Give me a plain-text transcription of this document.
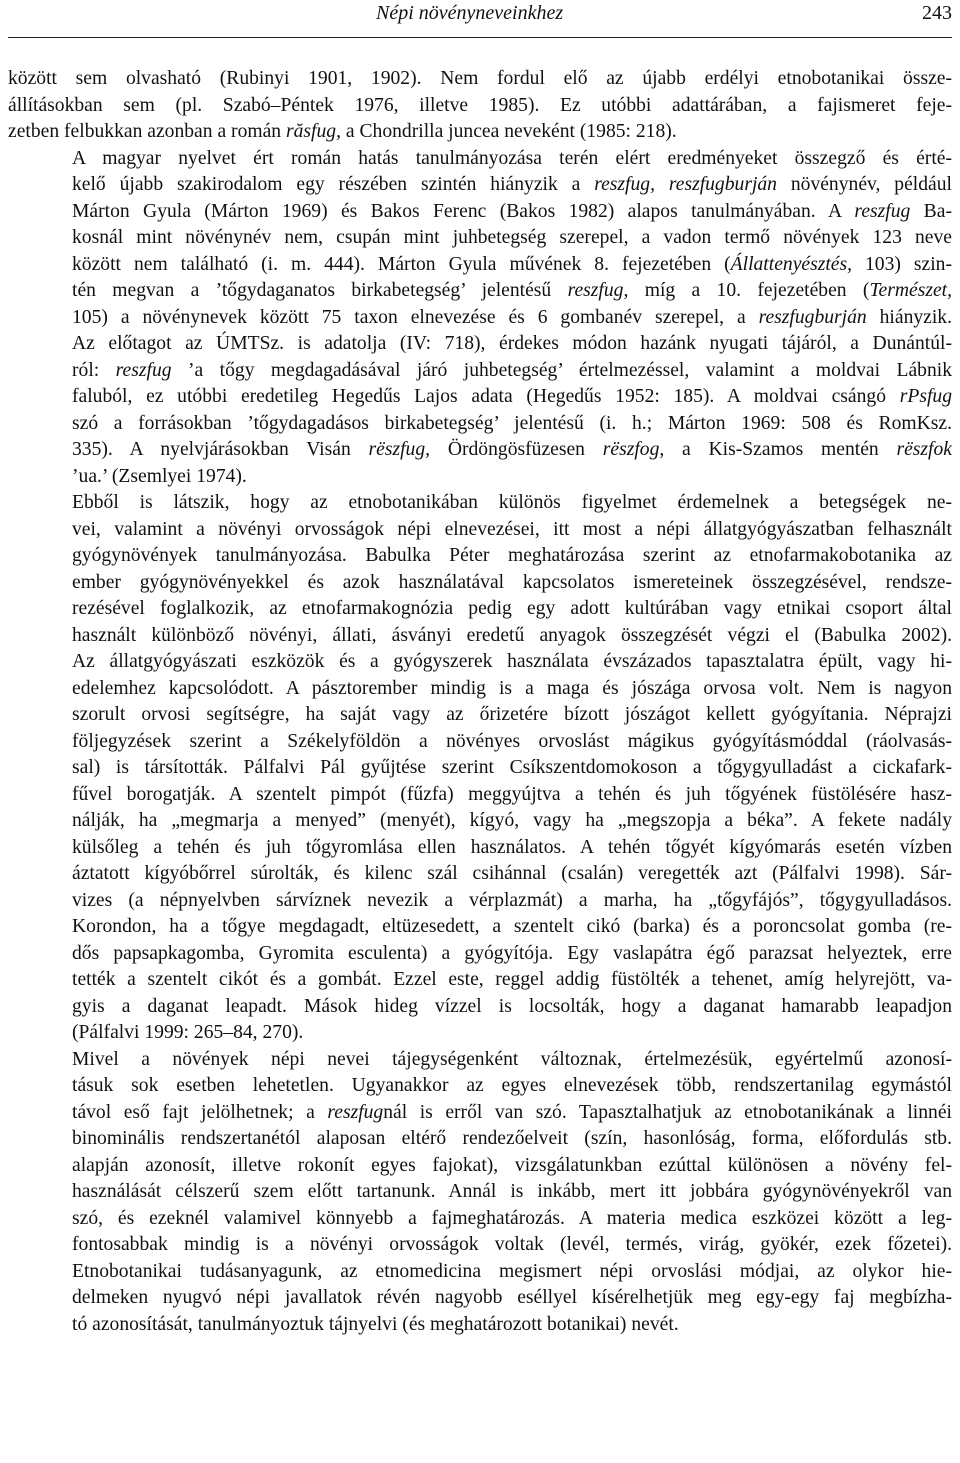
Népi növényneveinkhez	243

között sem olvasható (Rubinyi 1901, 1902). Nem fordul elő az újabb erdélyi etnobotanikai össze-
állításokban sem (pl. Szabó–Péntek 1976, illetve 1985). Ez utóbbi adattárában, a fajismeret feje-
zetben felbukkan azonban a román răsfug, a Chondrilla juncea neveként (1985: 218).

A magyar nyelvet ért román hatás tanulmányozása terén elért eredményeket összegző és érté-
kelő újabb szakirodalom egy részében szintén hiányzik a reszfug, reszfugburján növénynév, például
Márton Gyula (Márton 1969) és Bakos Ferenc (Bakos 1982) alapos tanulmányában. A reszfug Ba-
kosnál mint növénynév nem, csupán mint juhbetegség szerepel, a vadon termő növények 123 neve
között nem található (i. m. 444). Márton Gyula művének 8. fejezetében (Állattenyésztés, 103) szin-
tén megvan a ’tőgydaganatos birkabetegség’ jelentésű reszfug, míg a 10. fejezetében (Természet,
105) a növénynevek között 75 taxon elnevezése és 6 gombanév szerepel, a reszfugburján hiányzik.
Az előtagot az ÚMTSz. is adatolja (IV: 718), érdekes módon hazánk nyugati tájáról, a Dunántúl-
ról: reszfug ’a tőgy megdagadásával járó juhbetegség’ értelmezéssel, valamint a moldvai Lábnik
faluból, ez utóbbi eredetileg Hegedűs Lajos adata (Hegedűs 1952: 185). A moldvai csángó rPsfug
szó a forrásokban ’tőgydagadásos birkabetegség’ jelentésű (i. h.; Márton 1969: 508 és RomKsz.
335). A nyelvjárásokban Visán rëszfug, Ördöngösfüzesen rëszfog, a Kis-Szamos mentén rëszfok
’ua.’ (Zsemlyei 1974).

Ebből is látszik, hogy az etnobotanikában különös figyelmet érdemelnek a betegségek ne-
vei, valamint a növényi orvosságok népi elnevezései, itt most a népi állatgyógyászatban felhasznált
gyógynövények tanulmányozása. Babulka Péter meghatározása szerint az etnofarmakobotanika az
ember gyógynövényekkel és azok használatával kapcsolatos ismereteinek összegzésével, rendsze-
rezésével foglalkozik, az etnofarmakognózia pedig egy adott kultúrában vagy etnikai csoport által
használt különböző növényi, állati, ásványi eredetű anyagok összegzését végzi el (Babulka 2002).
Az állatgyógyászati eszközök és a gyógyszerek használata évszázados tapasztalatra épült, vagy hi-
edelemhez kapcsolódott. A pásztorember mindig is a maga és jószága orvosa volt. Nem is nagyon
szorult orvosi segítségre, ha saját vagy az őrizetére bízott jószágot kellett gyógyítania. Néprajzi
följegyzések szerint a Székelyföldön a növényes orvoslást mágikus gyógyításmóddal (ráolvasás-
sal) is társították. Pálfalvi Pál gyűjtése szerint Csíkszentdomokoson a tőgygyulladást a cickafark-
fűvel borogatják. A szentelt pimpót (fűzfa) meggyújtva a tehén és juh tőgyének füstölésére hasz-
nálják, ha „megmarja a menyed” (menyét), kígyó, vagy ha „megszopja a béka”. A fekete nadály
külsőleg a tehén és juh tőgyromlása ellen használatos. A tehén tőgyét kígyómarás esetén vízben
áztatott kígyóbőrrel súrolták, és kilenc szál csihánnal (csalán) veregették azt (Pálfalvi 1998). Sár-
vizes (a népnyelvben sárvíznek nevezik a vérplazmát) a marha, ha „tőgyfájós”, tőgygyulladásos.
Korondon, ha a tőgye megdagadt, eltüzesedett, a szentelt cikó (barka) és a poroncsolat gomba (re-
dős papsapkagomba, Gyromita esculenta) a gyógyítója. Egy vaslapátra égő parazsat helyeztek, erre
tették a szentelt cikót és a gombát. Ezzel este, reggel addig füstölték a tehenet, amíg helyrejött, va-
gyis a daganat leapadt. Mások hideg vízzel is locsolták, hogy a daganat hamarabb leapadjon
(Pálfalvi 1999: 265–84, 270).

Mivel a növények népi nevei tájegységenként változnak, értelmezésük, egyértelmű azonosí-
tásuk sok esetben lehetetlen. Ugyanakkor az egyes elnevezések több, rendszertanilag egymástól
távol eső fajt jelölhetnek; a reszfugnál is erről van szó. Tapasztalhatjuk az etnobotanikának a linnéi
binominális rendszertanétól alaposan eltérő rendezőelveit (szín, hasonlóság, forma, előfordulás stb.
alapján azonosít, illetve rokonít egyes fajokat), vizsgálatunkban ezúttal különösen a növény fel-
használását célszerű szem előtt tartanunk. Annál is inkább, mert itt jobbára gyógynövényekről van
szó, és ezeknél valamivel könnyebb a fajmeghatározás. A materia medica eszközei között a leg-
fontosabbak mindig is a növényi orvosságok voltak (levél, termés, virág, gyökér, ezek főzetei).
Etnobotanikai tudásanyagunk, az etnomedicina megismert népi orvoslási módjai, az olykor hie-
delmeken nyugvó népi javallatok révén nagyobb eséllyel kísérelhetjük meg egy-egy faj megbízha-
tó azonosítását, tanulmányoztuk tájnyelvi (és meghatározott botanikai) nevét.
